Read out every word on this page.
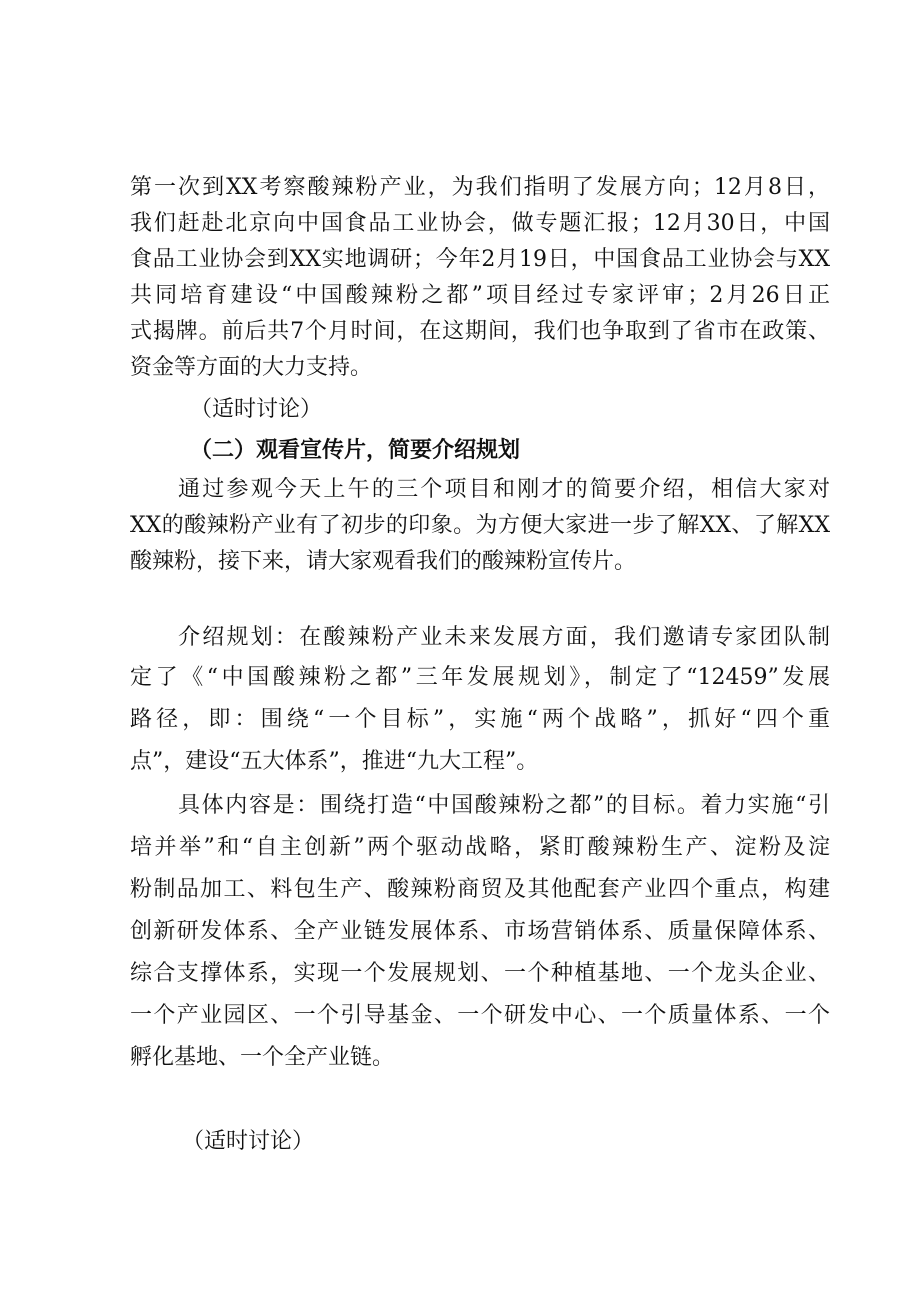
第一次到XX考察酸辣粉产业，为我们指明了发展方向；12月8日，
我们赶赴北京向中国食品工业协会，做专题汇报；12月30日，中国
食品工业协会到XX实地调研；今年2月19日，中国食品工业协会与XX
共同培育建设“中国酸辣粉之都”项目经过专家评审；2月26日正
式揭牌。前后共7个月时间，在这期间，我们也争取到了省市在政策、
资金等方面的大力支持。
（适时讨论）
（二）观看宣传片，简要介绍规划
通过参观今天上午的三个项目和刚才的简要介绍，相信大家对
XX的酸辣粉产业有了初步的印象。为方便大家进一步了解XX、了解XX
酸辣粉，接下来，请大家观看我们的酸辣粉宣传片。
介绍规划：在酸辣粉产业未来发展方面，我们邀请专家团队制
定了《“中国酸辣粉之都”三年发展规划》，制定了“12459”发展
路径，即：围绕“一个目标”，实施“两个战略”，抓好“四个重
点”，建设“五大体系”，推进“九大工程”。
具体内容是：围绕打造“中国酸辣粉之都”的目标。着力实施“引
培并举”和“自主创新”两个驱动战略，紧盯酸辣粉生产、淀粉及淀
粉制品加工、料包生产、酸辣粉商贸及其他配套产业四个重点，构建
创新研发体系、全产业链发展体系、市场营销体系、质量保障体系、
综合支撑体系，实现一个发展规划、一个种植基地、一个龙头企业、
一个产业园区、一个引导基金、一个研发中心、一个质量体系、一个
孵化基地、一个全产业链。
（适时讨论）
